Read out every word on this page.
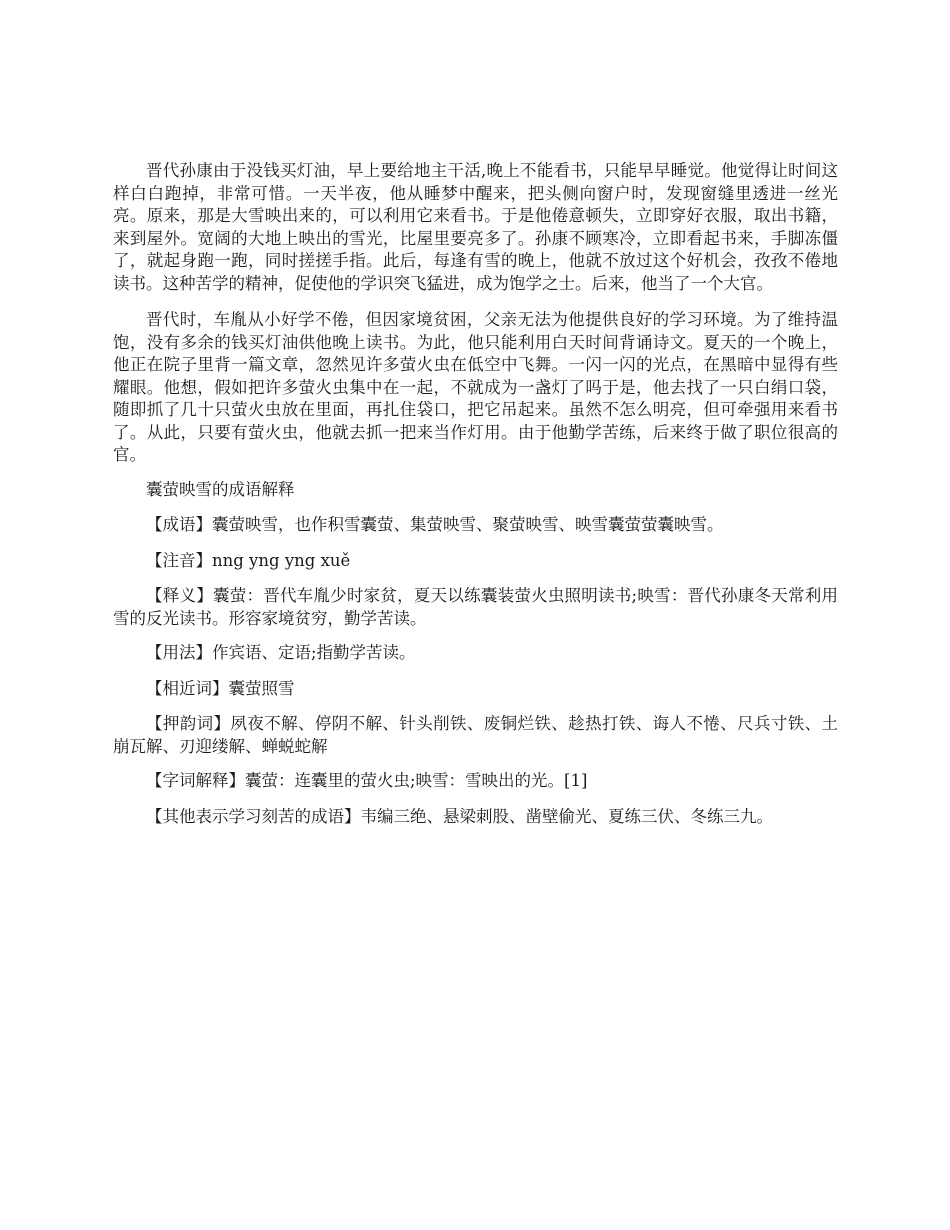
晋代孙康由于没钱买灯油，早上要给地主干活,晚上不能看书，只能早早睡觉。他觉得让时间这样白白跑掉，非常可惜。一天半夜，他从睡梦中醒来，把头侧向窗户时，发现窗缝里透进一丝光亮。原来，那是大雪映出来的，可以利用它来看书。于是他倦意顿失，立即穿好衣服，取出书籍，来到屋外。宽阔的大地上映出的雪光，比屋里要亮多了。孙康不顾寒冷，立即看起书来，手脚冻僵了，就起身跑一跑，同时搓搓手指。此后，每逢有雪的晚上，他就不放过这个好机会，孜孜不倦地读书。这种苦学的精神，促使他的学识突飞猛进，成为饱学之士。后来，他当了一个大官。

晋代时，车胤从小好学不倦，但因家境贫困，父亲无法为他提供良好的学习环境。为了维持温饱，没有多余的钱买灯油供他晚上读书。为此，他只能利用白天时间背诵诗文。夏天的一个晚上，他正在院子里背一篇文章，忽然见许多萤火虫在低空中飞舞。一闪一闪的光点，在黑暗中显得有些耀眼。他想，假如把许多萤火虫集中在一起，不就成为一盏灯了吗于是，他去找了一只白绢口袋，随即抓了几十只萤火虫放在里面，再扎住袋口，把它吊起来。虽然不怎么明亮，但可牵强用来看书了。从此，只要有萤火虫，他就去抓一把来当作灯用。由于他勤学苦练，后来终于做了职位很高的官。

囊萤映雪的成语解释

【成语】囊萤映雪，也作积雪囊萤、集萤映雪、聚萤映雪、映雪囊萤萤囊映雪。

【注音】nng yng yng xuě

【释义】囊萤：晋代车胤少时家贫，夏天以练囊装萤火虫照明读书;映雪：晋代孙康冬天常利用雪的反光读书。形容家境贫穷，勤学苦读。

【用法】作宾语、定语;指勤学苦读。

【相近词】囊萤照雪

【押韵词】夙夜不解、停阴不解、针头削铁、废铜烂铁、趁热打铁、诲人不惓、尺兵寸铁、土崩瓦解、刃迎缕解、蝉蜕蛇解

【字词解释】囊萤：连囊里的萤火虫;映雪：雪映出的光。[1]

【其他表示学习刻苦的成语】韦编三绝、悬梁刺股、凿壁偷光、夏练三伏、冬练三九。
